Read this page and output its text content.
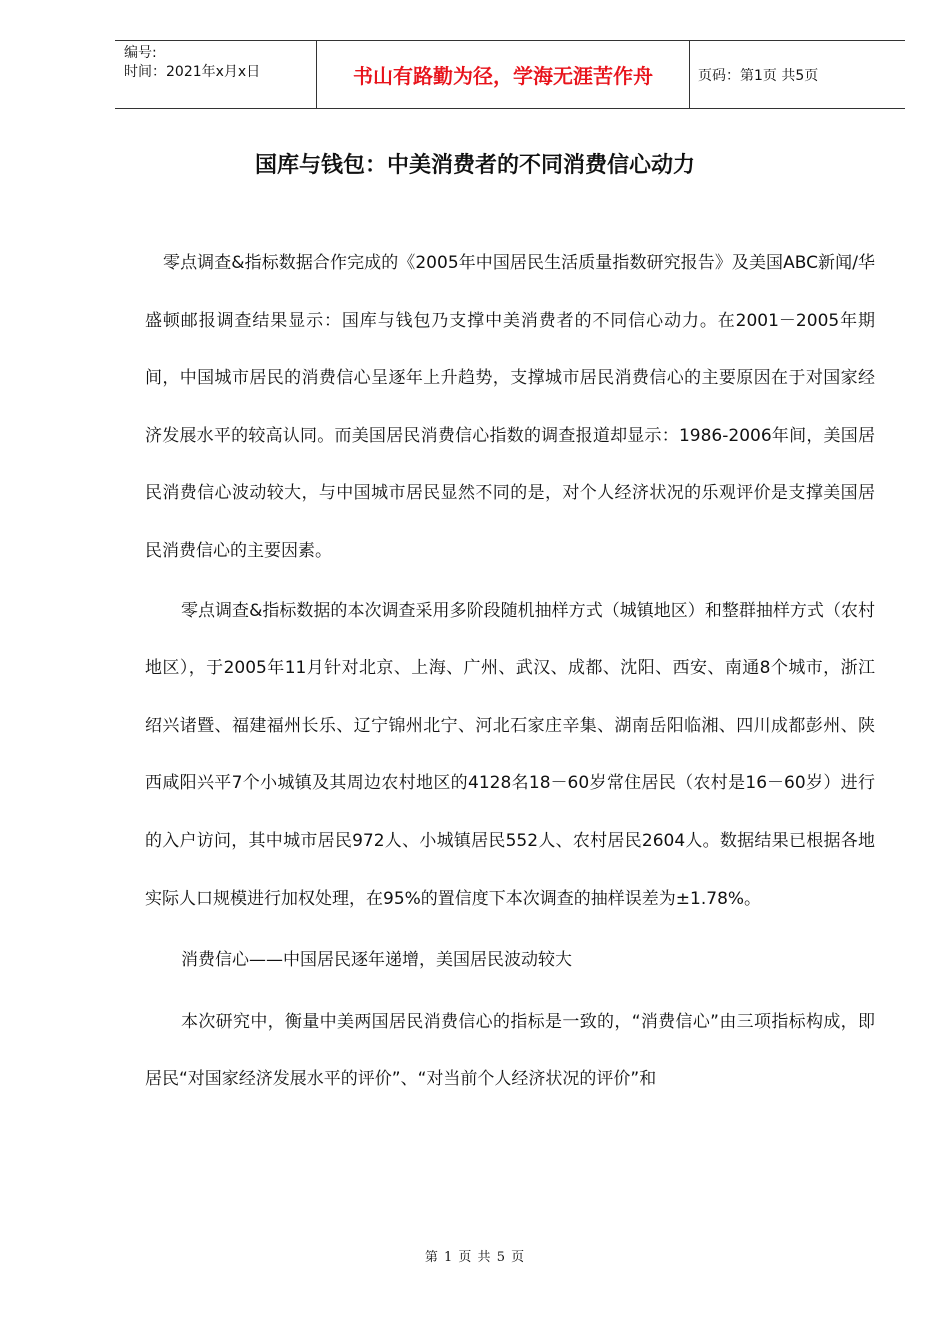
编号:
时间：2021年x月x日	书山有路勤为径，学海无涯苦作舟	页码：第1页 共5页
国库与钱包：中美消费者的不同消费信心动力

零点调查&指标数据合作完成的《2005年中国居民生活质量指数研究报告》及美国ABC新闻/华盛顿邮报调查结果显示：国库与钱包乃支撑中美消费者的不同信心动力。在2001－2005年期间，中国城市居民的消费信心呈逐年上升趋势，支撑城市居民消费信心的主要原因在于对国家经济发展水平的较高认同。而美国居民消费信心指数的调查报道却显示：1986-2006年间，美国居民消费信心波动较大，与中国城市居民显然不同的是，对个人经济状况的乐观评价是支撑美国居民消费信心的主要因素。

零点调查&指标数据的本次调查采用多阶段随机抽样方式（城镇地区）和整群抽样方式（农村地区），于2005年11月针对北京、上海、广州、武汉、成都、沈阳、西安、南通8个城市，浙江绍兴诸暨、福建福州长乐、辽宁锦州北宁、河北石家庄辛集、湖南岳阳临湘、四川成都彭州、陕西咸阳兴平7个小城镇及其周边农村地区的4128名18－60岁常住居民（农村是16－60岁）进行的入户访问，其中城市居民972人、小城镇居民552人、农村居民2604人。数据结果已根据各地实际人口规模进行加权处理，在95%的置信度下本次调查的抽样误差为±1.78%。

消费信心——中国居民逐年递增，美国居民波动较大

本次研究中，衡量中美两国居民消费信心的指标是一致的，“消费信心”由三项指标构成，即居民“对国家经济发展水平的评价”、“对当前个人经济状况的评价”和

第 1 页 共 5 页
